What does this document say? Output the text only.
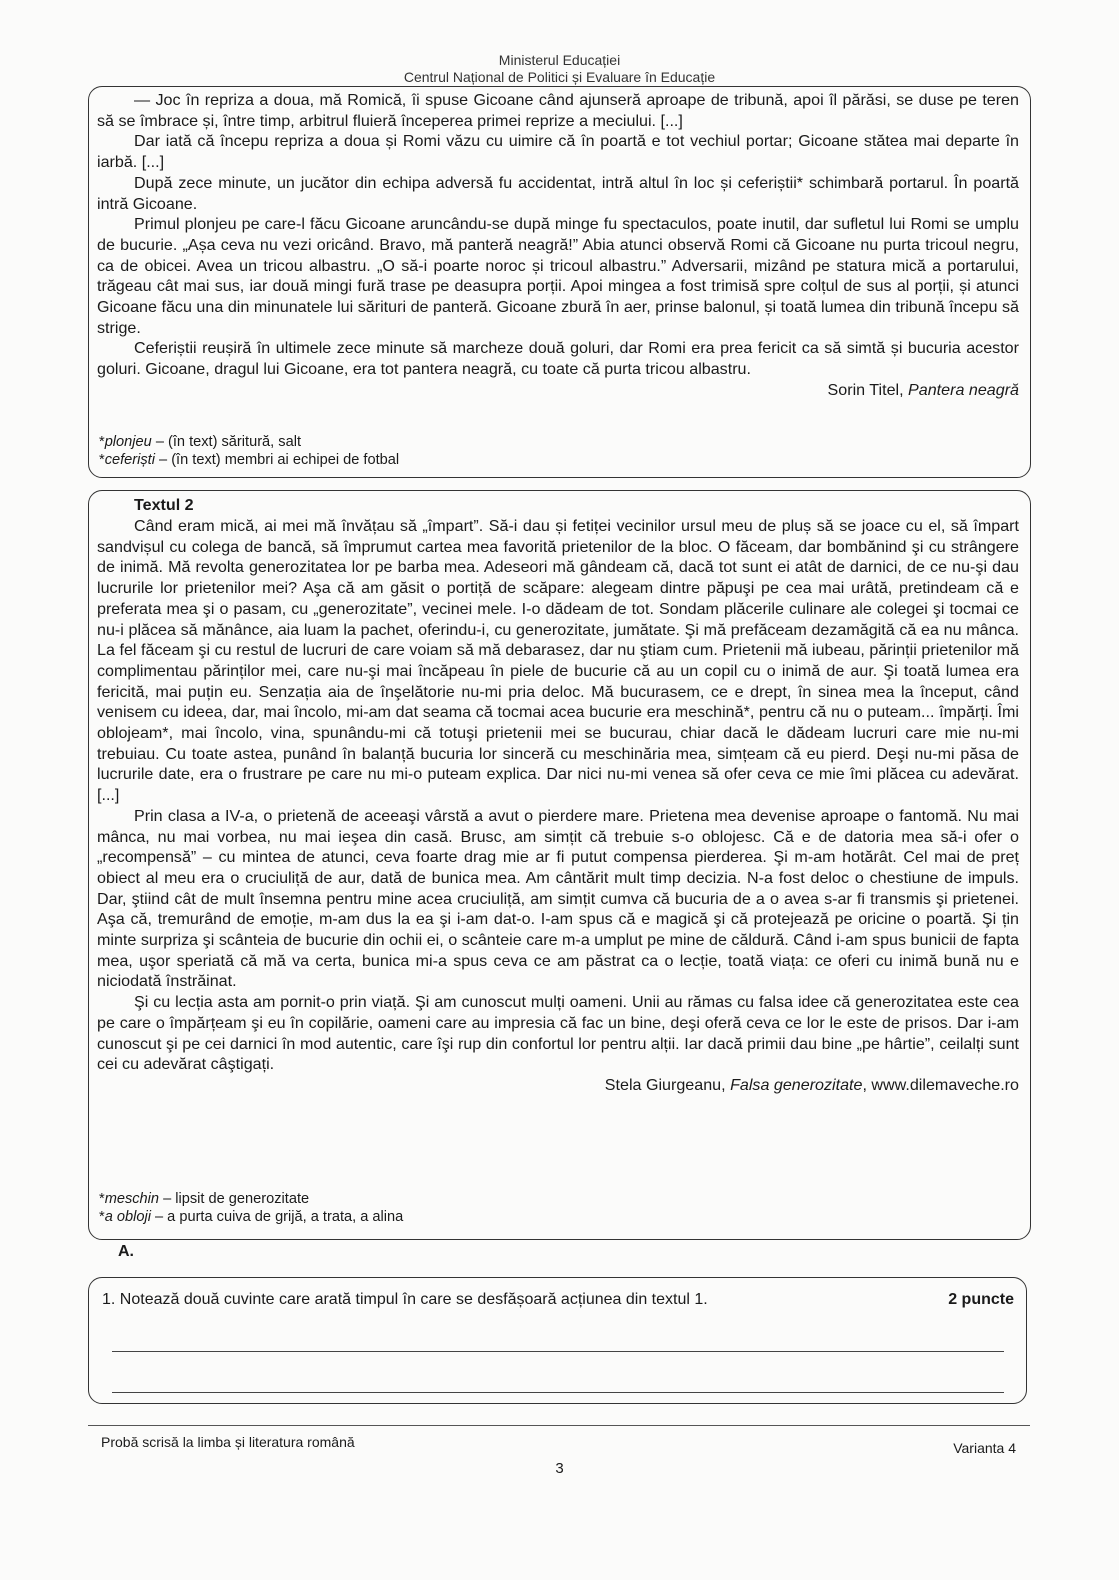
Ministerul Educației
Centrul Național de Politici și Evaluare în Educație

— Joc în repriza a doua, mă Romică, îi spuse Gicoane când ajunseră aproape de tribună, apoi îl părăsi, se duse pe teren să se îmbrace și, între timp, arbitrul fluieră începerea primei reprize a meciului. [...]

Dar iată că începu repriza a doua și Romi văzu cu uimire că în poartă e tot vechiul portar; Gicoane stătea mai departe în iarbă. [...]

După zece minute, un jucător din echipa adversă fu accidentat, intră altul în loc și ceferiștii* schimbară portarul. În poartă intră Gicoane.

Primul plonjeu pe care-l făcu Gicoane aruncându-se după minge fu spectaculos, poate inutil, dar sufletul lui Romi se umplu de bucurie. „Așa ceva nu vezi oricând. Bravo, mă panteră neagră!” Abia atunci observă Romi că Gicoane nu purta tricoul negru, ca de obicei. Avea un tricou albastru. „O să-i poarte noroc și tricoul albastru.” Adversarii, mizând pe statura mică a portarului, trăgeau cât mai sus, iar două mingi fură trase pe deasupra porții. Apoi mingea a fost trimisă spre colțul de sus al porții, și atunci Gicoane făcu una din minunatele lui sărituri de panteră. Gicoane zbură în aer, prinse balonul, și toată lumea din tribună începu să strige.

Ceferiștii reușiră în ultimele zece minute să marcheze două goluri, dar Romi era prea fericit ca să simtă și bucuria acestor goluri. Gicoane, dragul lui Gicoane, era tot pantera neagră, cu toate că purta tricou albastru.

Sorin Titel, Pantera neagră

*plonjeu – (în text) săritură, salt
*ceferiști – (în text) membri ai echipei de fotbal
Textul 2

Când eram mică, ai mei mă învățau să „împart”. Să-i dau și fetiței vecinilor ursul meu de pluș să se joace cu el, să împart sandvișul cu colega de bancă, să împrumut cartea mea favorită prietenilor de la bloc. O făceam, dar bombănind şi cu strângere de inimă. Mă revolta generozitatea lor pe barba mea. Adeseori mă gândeam că, dacă tot sunt ei atât de darnici, de ce nu-şi dau lucrurile lor prietenilor mei? Aşa că am găsit o portiță de scăpare: alegeam dintre păpuşi pe cea mai urâtă, pretindeam că e preferata mea şi o pasam, cu „generozitate”, vecinei mele. I-o dădeam de tot. Sondam plăcerile culinare ale colegei şi tocmai ce nu-i plăcea să mănânce, aia luam la pachet, oferindu-i, cu generozitate, jumătate. Şi mă prefăceam dezamăgită că ea nu mânca. La fel făceam şi cu restul de lucruri de care voiam să mă debarasez, dar nu ştiam cum. Prietenii mă iubeau, părinții prietenilor mă complimentau părinților mei, care nu-şi mai încăpeau în piele de bucurie că au un copil cu o inimă de aur. Şi toată lumea era fericită, mai puțin eu. Senzația aia de înşelătorie nu-mi pria deloc. Mă bucurasem, ce e drept, în sinea mea la început, când venisem cu ideea, dar, mai încolo, mi-am dat seama că tocmai acea bucurie era meschină*, pentru că nu o puteam... împărți. Îmi oblojeam*, mai încolo, vina, spunându-mi că totuşi prietenii mei se bucurau, chiar dacă le dădeam lucruri care mie nu-mi trebuiau. Cu toate astea, punând în balanță bucuria lor sinceră cu meschinăria mea, simțeam că eu pierd. Deşi nu-mi păsa de lucrurile date, era o frustrare pe care nu mi-o puteam explica. Dar nici nu-mi venea să ofer ceva ce mie îmi plăcea cu adevărat. [...]

Prin clasa a IV-a, o prietenă de aceeaşi vârstă a avut o pierdere mare. Prietena mea devenise aproape o fantomă. Nu mai mânca, nu mai vorbea, nu mai ieşea din casă. Brusc, am simțit că trebuie s-o oblojesc. Că e de datoria mea să-i ofer o „recompensă” – cu mintea de atunci, ceva foarte drag mie ar fi putut compensa pierderea. Şi m-am hotărât. Cel mai de preț obiect al meu era o cruciuliță de aur, dată de bunica mea. Am cântărit mult timp decizia. N-a fost deloc o chestiune de impuls. Dar, ştiind cât de mult însemna pentru mine acea cruciuliță, am simțit cumva că bucuria de a o avea s-ar fi transmis şi prietenei. Aşa că, tremurând de emoție, m-am dus la ea şi i-am dat-o. I-am spus că e magică şi că protejează pe oricine o poartă. Şi țin minte surpriza şi scânteia de bucurie din ochii ei, o scânteie care m-a umplut pe mine de căldură. Când i-am spus bunicii de fapta mea, uşor speriată că mă va certa, bunica mi-a spus ceva ce am păstrat ca o lecție, toată viața: ce oferi cu inimă bună nu e niciodată înstrăinat.

Şi cu lecția asta am pornit-o prin viață. Şi am cunoscut mulți oameni. Unii au rămas cu falsa idee că generozitatea este cea pe care o împărțeam şi eu în copilărie, oameni care au impresia că fac un bine, deşi oferă ceva ce lor le este de prisos. Dar i-am cunoscut şi pe cei darnici în mod autentic, care îşi rup din confortul lor pentru alții. Iar dacă primii dau bine „pe hârtie”, ceilalți sunt cei cu adevărat câştigați.

Stela Giurgeanu, Falsa generozitate, www.dilemaveche.ro

*meschin – lipsit de generozitate
*a obloji – a purta cuiva de grijă, a trata, a alina
A.
1. Notează două cuvinte care arată timpul în care se desfășoară acțiunea din textul 1.	2 puncte
Probă scrisă la limba și literatura română	Varianta 4
3
